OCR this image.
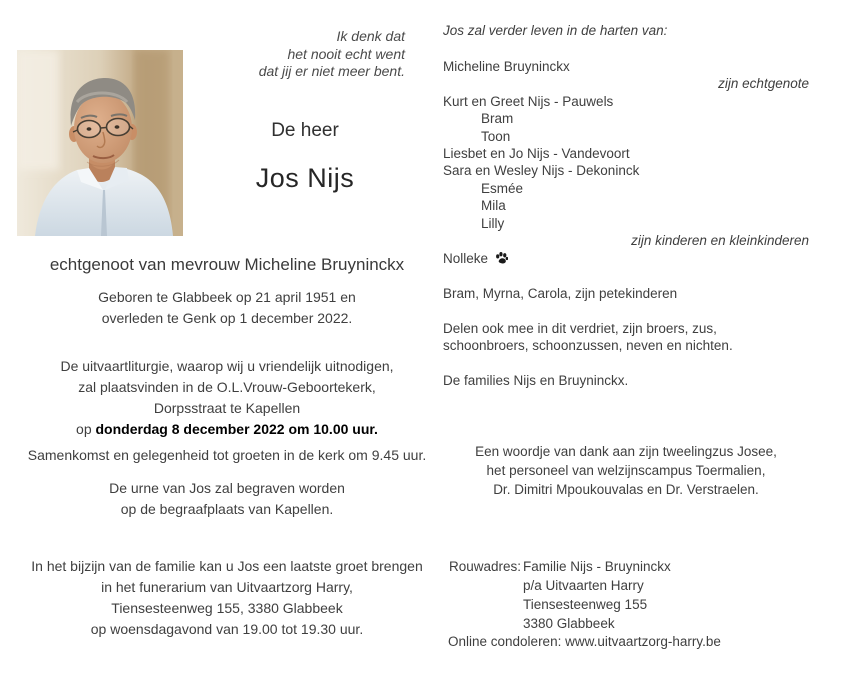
Ik denk dat
het nooit echt went
dat jij er niet meer bent.
De heer
Jos Nijs
echtgenoot van mevrouw Micheline Bruyninckx
Geboren te Glabbeek op 21 april 1951 en
overleden te Genk op 1 december 2022.
De uitvaartliturgie, waarop wij u vriendelijk uitnodigen,
zal plaatsvinden in de O.L.Vrouw-Geboortekerk,
Dorpsstraat te Kapellen
op donderdag 8 december 2022 om 10.00 uur.
Samenkomst en gelegenheid tot groeten in de kerk om 9.45 uur.
De urne van Jos zal begraven worden
op de begraafplaats van Kapellen.
In het bijzijn van de familie kan u Jos een laatste groet brengen
in het funerarium van Uitvaartzorg Harry,
Tiensesteenweg 155, 3380 Glabbeek
op woensdagavond van 19.00 tot 19.30 uur.
Jos zal verder leven in de harten van:
Micheline Bruyninckx
zijn echtgenote
Kurt en Greet Nijs - Pauwels
Bram
Toon
Liesbet en Jo Nijs - Vandevoort
Sara en Wesley Nijs - Dekoninck
Esmée
Mila
Lilly
zijn kinderen en kleinkinderen
Nolleke
Bram, Myrna, Carola, zijn petekinderen
Delen ook mee in dit verdriet, zijn broers, zus,
schoonbroers, schoonzussen, neven en nichten.
De families Nijs en Bruyninckx.
Een woordje van dank aan zijn tweelingzus Josee,
het personeel van welzijnscampus Toermalien,
Dr. Dimitri Mpoukouvalas en Dr. Verstraelen.
Rouwadres: Familie Nijs - Bruyninckx
p/a Uitvaarten Harry
Tiensesteenweg 155
3380 Glabbeek
Online condoleren: www.uitvaartzorg-harry.be
